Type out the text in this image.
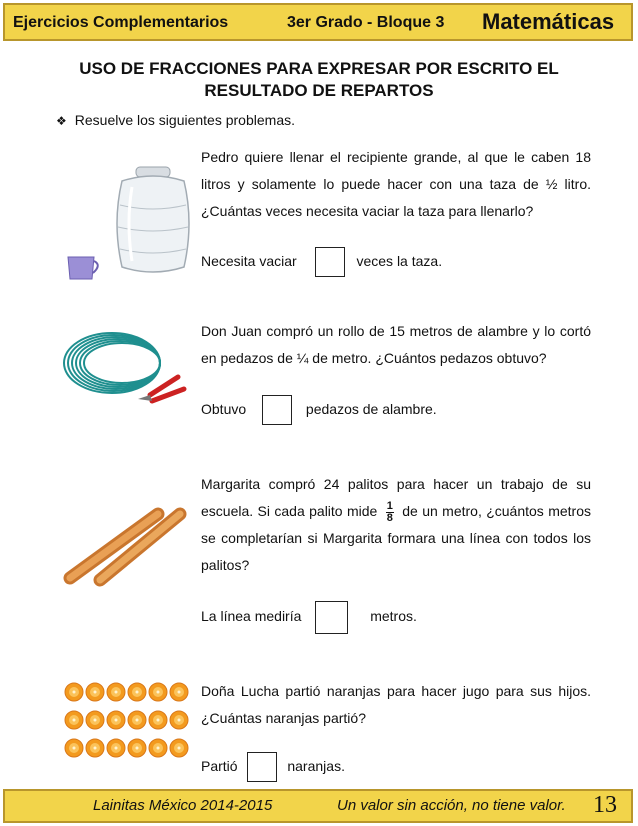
Ejercicios Complementarios	3er Grado - Bloque 3 Matemáticas
USO DE FRACCIONES PARA EXPRESAR POR ESCRITO EL
RESULTADO DE REPARTOS
❖ Resuelve los siguientes problemas.
Pedro quiere llenar el recipiente grande, al que le caben 18 litros y solamente lo puede hacer con una taza de ½ litro. ¿Cuántas veces necesita vaciar la taza para llenarlo?
Necesita vaciar	veces la taza.
Don Juan compró un rollo de 15 metros de alambre y lo cortó en pedazos de ¼ de metro. ¿Cuántos pedazos obtuvo?
Obtuvo	pedazos de alambre.
Margarita compró 24 palitos para hacer un trabajo de su escuela. Si cada palito mide $\frac{1}{8}$ de un metro, ¿cuántos metros se completarían si Margarita formara una línea con todos los palitos?
La línea mediría	metros.
Doña Lucha partió naranjas para hacer jugo para sus hijos. ¿Cuántas naranjas partió?
Partió	naranjas.
Lainitas México 2014-2015	Un valor sin acción, no tiene valor. 13
